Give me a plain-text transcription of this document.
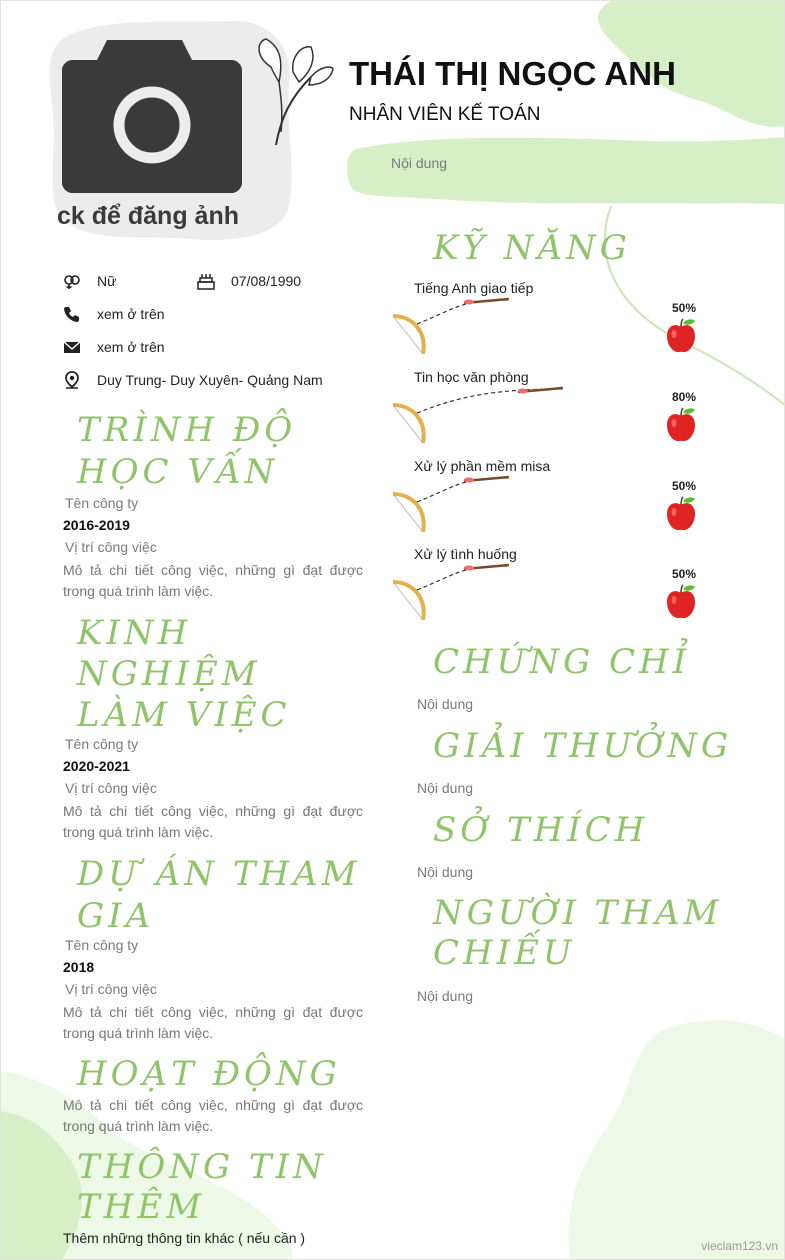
ck để đăng ảnh
THÁI THỊ NGỌC ANH
NHÂN VIÊN KẾ TOÁN
Nội dung
Nữ	07/08/1990
xem ở trên
xem ở trên
Duy Trung- Duy Xuyên- Quảng Nam
TRÌNH ĐỘ
HỌC VẤN
Tên công ty
2016-2019
Vị trí công việc
Mô tả chi tiết công việc, những gì đạt được trong quá trình làm việc.
KINH
NGHIỆM
LÀM VIỆC
Tên công ty
2020-2021
Vị trí công việc
Mô tả chi tiết công việc, những gì đạt được trong quá trình làm việc.
DỰ ÁN THAM
GIA
Tên công ty
2018
Vị trí công việc
Mô tả chi tiết công việc, những gì đạt được trong quá trình làm việc.
HOẠT ĐỘNG
Mô tả chi tiết công việc, những gì đạt được trong quá trình làm việc.
THÔNG TIN
THÊM
Thêm những thông tin khác ( nếu cần )
KỸ NĂNG
Tiếng Anh giao tiếp
50%
Tin học văn phòng
80%
Xử lý phần mềm misa
50%
Xử lý tình huống
50%
CHỨNG CHỈ
Nội dung
GIẢI THƯỞNG
Nội dung
SỞ THÍCH
Nội dung
NGƯỜI THAM
CHIẾU
Nội dung
vieclam123.vn
